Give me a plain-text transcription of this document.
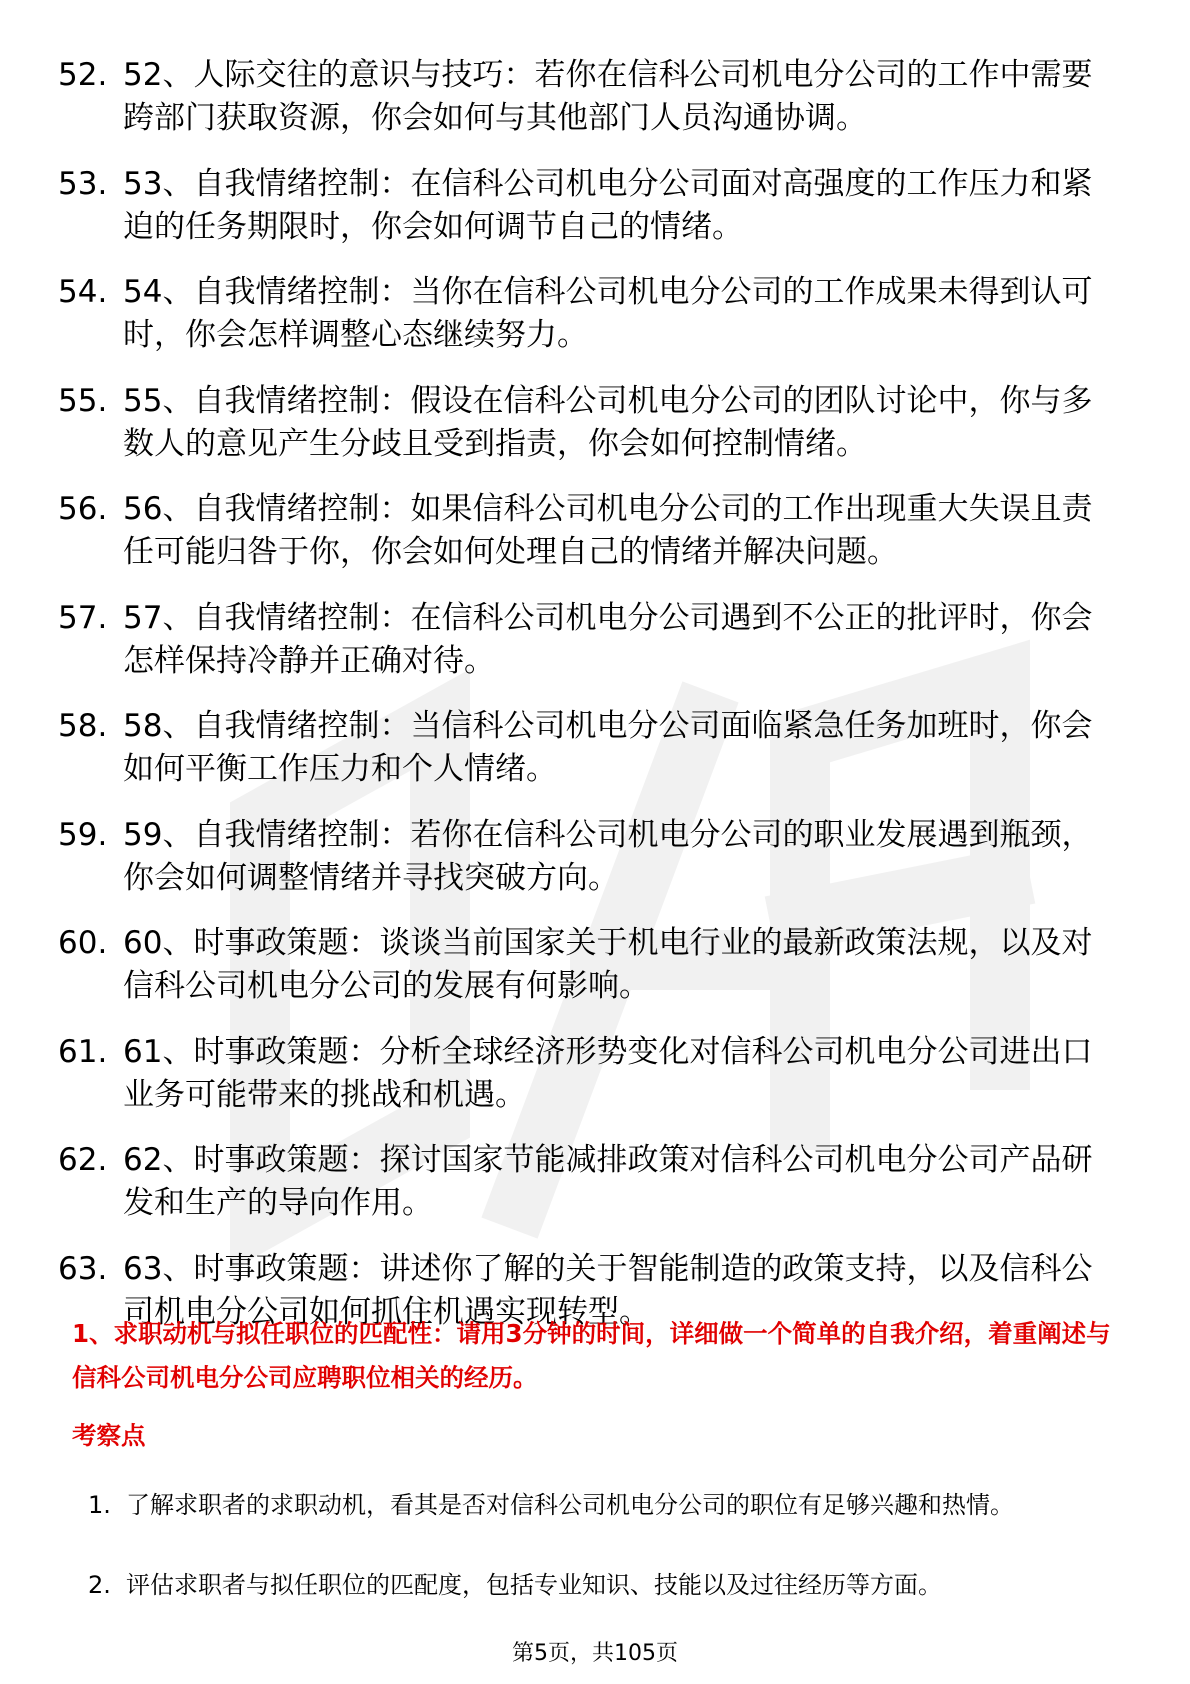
52. 52、人际交往的意识与技巧：若你在信科公司机电分公司的工作中需要跨部门获取资源，你会如何与其他部门人员沟通协调。
53. 53、自我情绪控制：在信科公司机电分公司面对高强度的工作压力和紧迫的任务期限时，你会如何调节自己的情绪。
54. 54、自我情绪控制：当你在信科公司机电分公司的工作成果未得到认可时，你会怎样调整心态继续努力。
55. 55、自我情绪控制：假设在信科公司机电分公司的团队讨论中，你与多数人的意见产生分歧且受到指责，你会如何控制情绪。
56. 56、自我情绪控制：如果信科公司机电分公司的工作出现重大失误且责任可能归咎于你，你会如何处理自己的情绪并解决问题。
57. 57、自我情绪控制：在信科公司机电分公司遇到不公正的批评时，你会怎样保持冷静并正确对待。
58. 58、自我情绪控制：当信科公司机电分公司面临紧急任务加班时，你会如何平衡工作压力和个人情绪。
59. 59、自我情绪控制：若你在信科公司机电分公司的职业发展遇到瓶颈，你会如何调整情绪并寻找突破方向。
60. 60、时事政策题：谈谈当前国家关于机电行业的最新政策法规，以及对信科公司机电分公司的发展有何影响。
61. 61、时事政策题：分析全球经济形势变化对信科公司机电分公司进出口业务可能带来的挑战和机遇。
62. 62、时事政策题：探讨国家节能减排政策对信科公司机电分公司产品研发和生产的导向作用。
63. 63、时事政策题：讲述你了解的关于智能制造的政策支持，以及信科公司机电分公司如何抓住机遇实现转型。
1、求职动机与拟任职位的匹配性：请用3分钟的时间，详细做一个简单的自我介绍，着重阐述与信科公司机电分公司应聘职位相关的经历。
考察点
1. 了解求职者的求职动机，看其是否对信科公司机电分公司的职位有足够兴趣和热情。
2. 评估求职者与拟任职位的匹配度，包括专业知识、技能以及过往经历等方面。
第5页，共105页
